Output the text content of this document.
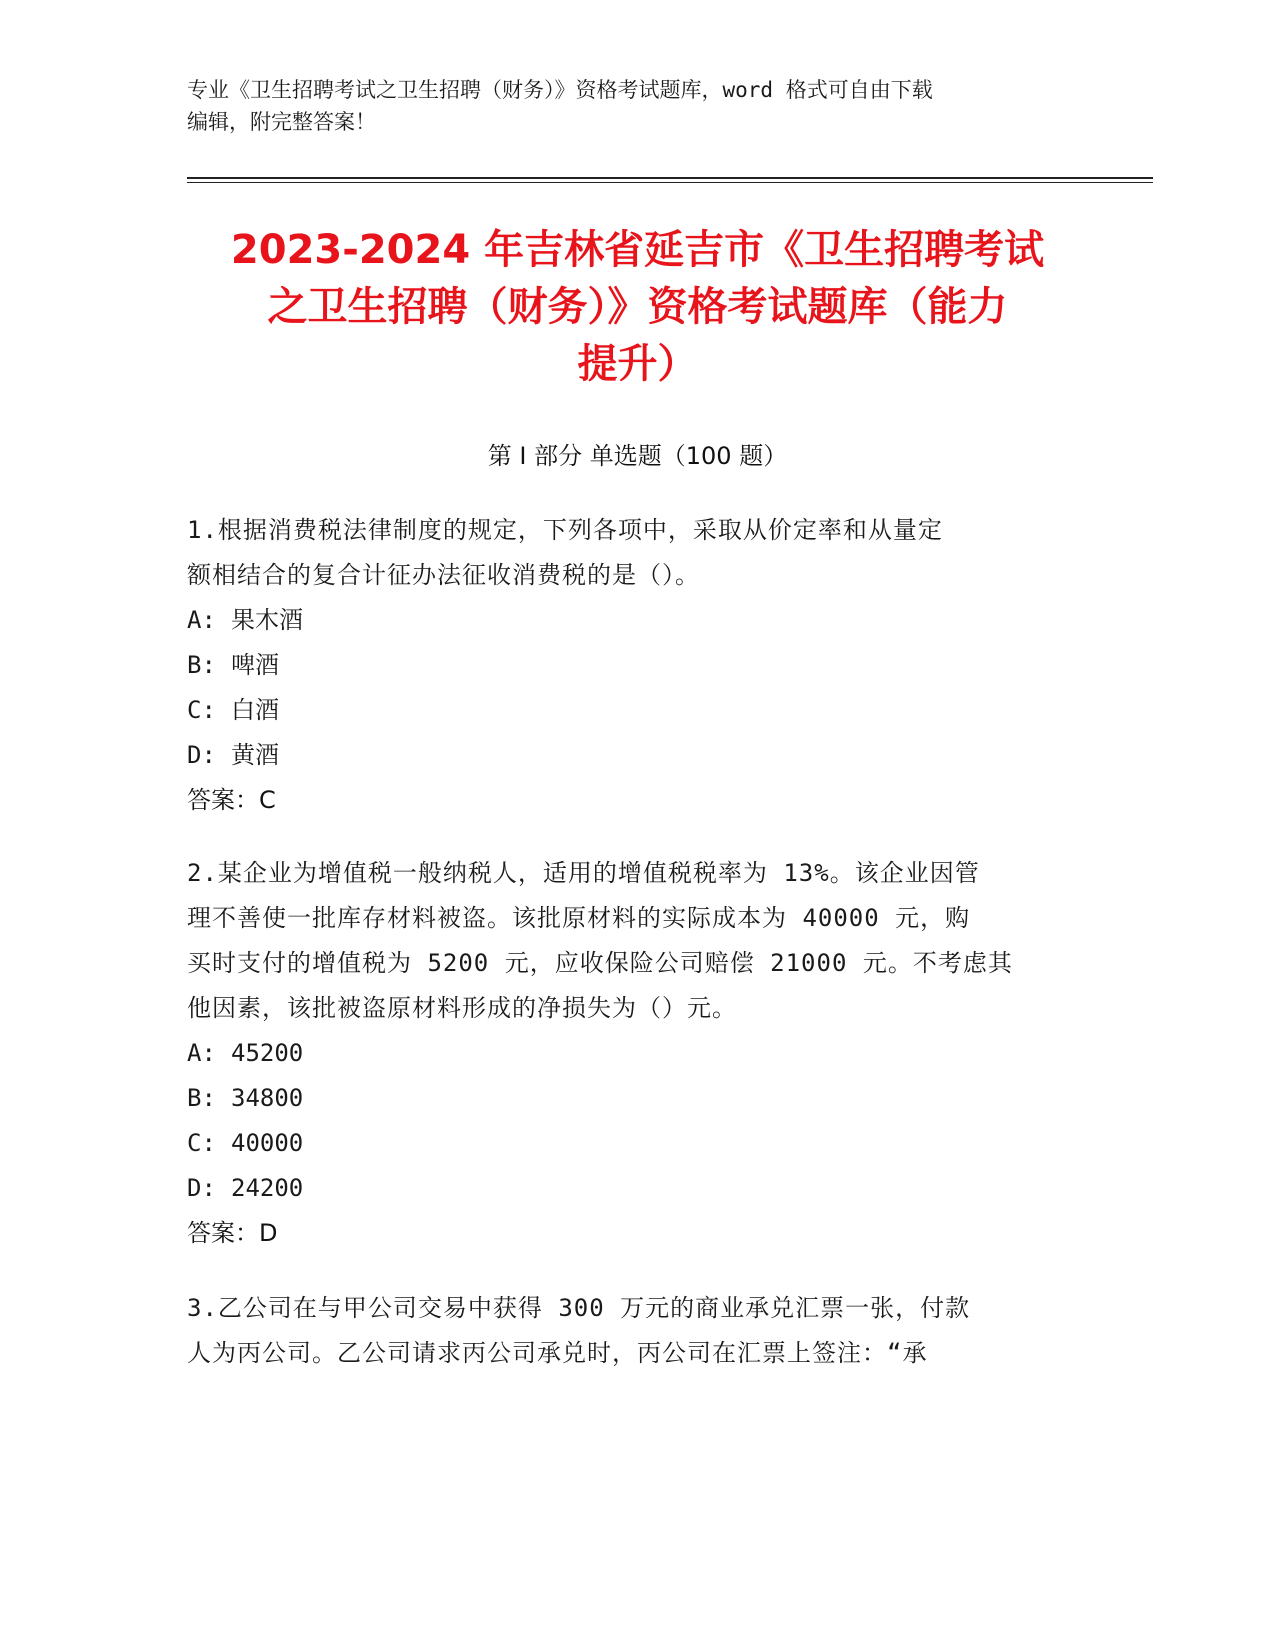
专业《卫生招聘考试之卫生招聘（财务）》资格考试题库，word 格式可自由下载
编辑，附完整答案！
2023-2024 年吉林省延吉市《卫生招聘考试
之卫生招聘（财务）》资格考试题库（能力
提升）
第 I 部分 单选题（100 题）
1.根据消费税法律制度的规定，下列各项中，采取从价定率和从量定
额相结合的复合计征办法征收消费税的是（）。
A: 果木酒
B: 啤酒
C: 白酒
D: 黄酒
答案：C
2.某企业为增值税一般纳税人，适用的增值税税率为 13%。该企业因管
理不善使一批库存材料被盗。该批原材料的实际成本为 40000 元，购
买时支付的增值税为 5200 元，应收保险公司赔偿 21000 元。不考虑其
他因素，该批被盗原材料形成的净损失为（）元。
A: 45200
B: 34800
C: 40000
D: 24200
答案：D
3.乙公司在与甲公司交易中获得 300 万元的商业承兑汇票一张，付款
人为丙公司。乙公司请求丙公司承兑时，丙公司在汇票上签注：“承
